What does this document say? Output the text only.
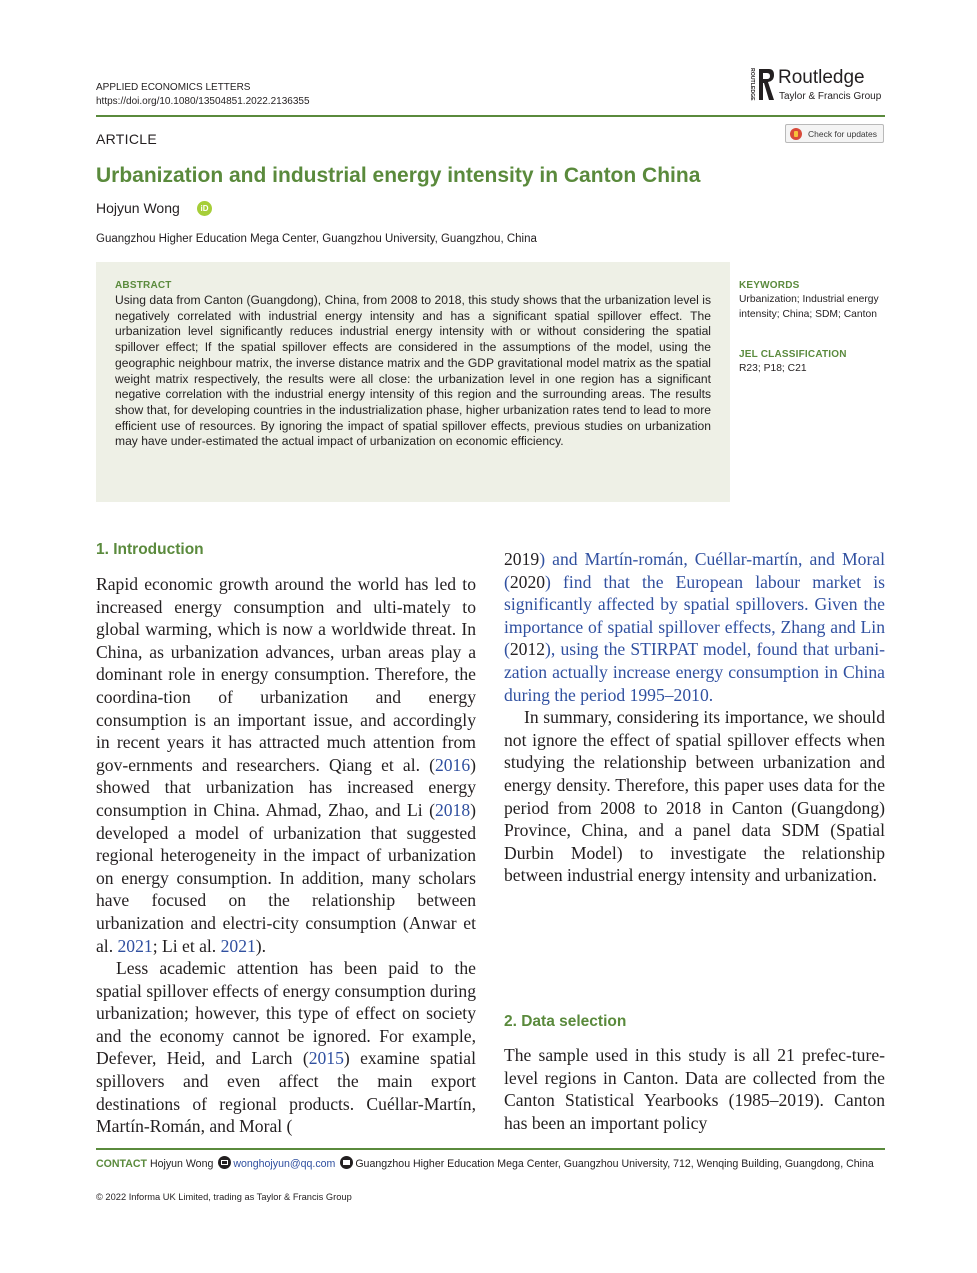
APPLIED ECONOMICS LETTERS
https://doi.org/10.1080/13504851.2022.2136355
ROUTLEDGE Routledge
Taylor & Francis Group
ARTICLE	Check for updates
Urbanization and industrial energy intensity in Canton China
Hojyun Wong	iD
Guangzhou Higher Education Mega Center, Guangzhou University, Guangzhou, China
ABSTRACT
Using data from Canton (Guangdong), China, from 2008 to 2018, this study shows that the urbanization level is negatively correlated with industrial energy intensity and has a significant spatial spillover effect. The urbanization level significantly reduces industrial energy intensity with or without considering the spatial spillover effect; If the spatial spillover effects are considered in the assumptions of the model, using the geographic neighbour matrix, the inverse distance matrix and the GDP gravitational model matrix as the spatial weight matrix respectively, the results were all close: the urbanization level in one region has a significant negative correlation with the industrial energy intensity of this region and the surrounding areas. The results show that, for developing countries in the industrialization phase, higher urbanization rates tend to lead to more efficient use of resources. By ignoring the impact of spatial spillover effects, previous studies on urbanization may have under-estimated the actual impact of urbanization on economic efficiency.
KEYWORDS
Urbanization; Industrial energy intensity; China; SDM; Canton
JEL CLASSIFICATION
R23; P18; C21
1. Introduction

Rapid economic growth around the world has led to increased energy consumption and ulti-mately to global warming, which is now a worldwide threat. In China, as urbanization advances, urban areas play a dominant role in energy consumption. Therefore, the coordina-tion of urbanization and energy consumption is an important issue, and accordingly in recent years it has attracted much attention from gov-ernments and researchers. Qiang et al. (2016) showed that urbanization has increased energy consumption in China. Ahmad, Zhao, and Li (2018) developed a model of urbanization that suggested regional heterogeneity in the impact of urbanization on energy consumption. In addition, many scholars have focused on the relationship between urbanization and electri-city consumption (Anwar et al. 2021; Li et al. 2021).

Less academic attention has been paid to the spatial spillover effects of energy consumption during urbanization; however, this type of effect on society and the economy cannot be ignored. For example, Defever, Heid, and Larch (2015) examine spatial spillovers and even affect the main export destinations of regional products. Cuéllar-Martín, Martín-Román, and Moral (

2019) and Martín-román, Cuéllar-martín, and Moral (2020) find that the European labour market is significantly affected by spatial spillovers. Given the importance of spatial spillover effects, Zhang and Lin (2012), using the STIRPAT model, found that urbani-zation actually increase energy consumption in China during the period 1995–2010.

In summary, considering its importance, we should not ignore the effect of spatial spillover effects when studying the relationship between urbanization and energy density. Therefore, this paper uses data for the period from 2008 to 2018 in Canton (Guangdong) Province, China, and a panel data SDM (Spatial Durbin Model) to investigate the relationship between industrial energy intensity and urbanization.

2. Data selection

The sample used in this study is all 21 prefec-ture-level regions in Canton. Data are collected from the Canton Statistical Yearbooks (1985–2019). Canton has been an important policy

CONTACT Hojyun Wong wonghojyun@qq.com Guangzhou Higher Education Mega Center, Guangzhou University, 712, Wenqing Building, Guangdong, China
© 2022 Informa UK Limited, trading as Taylor & Francis Group
